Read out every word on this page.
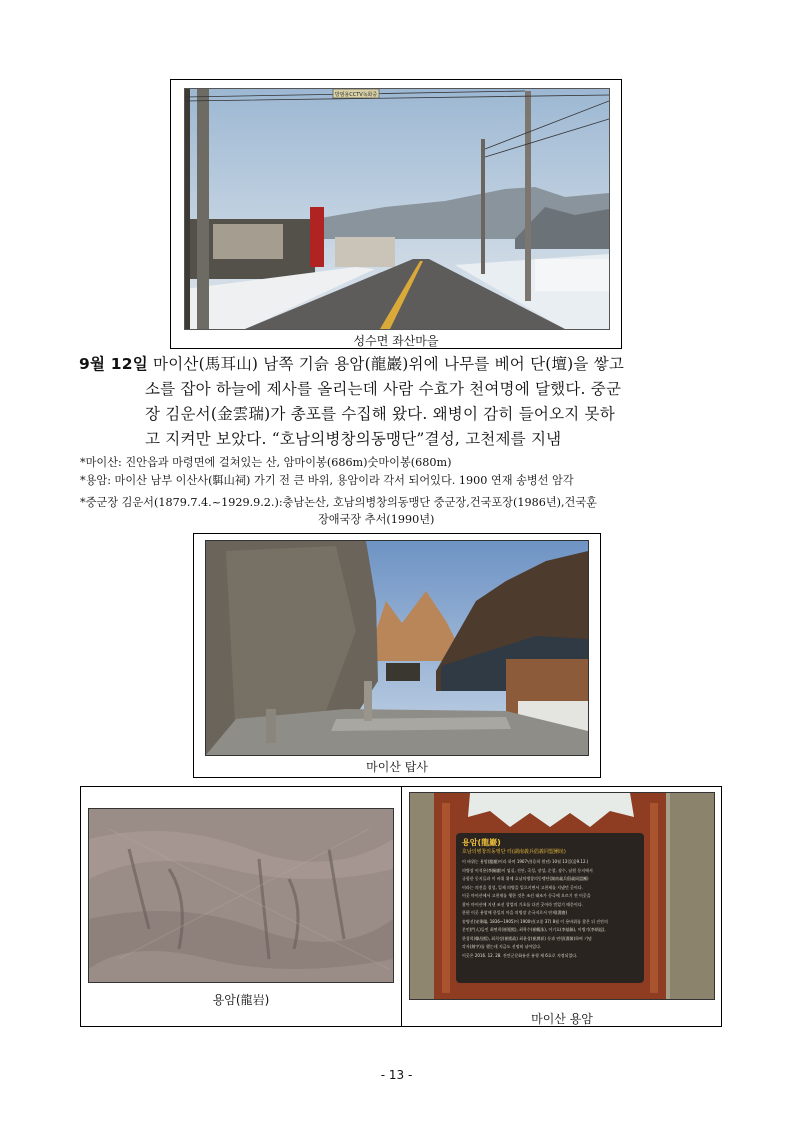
방범용CCTV녹화중
성수면 좌산마을
9월 12일 마이산(馬耳山) 남쪽 기슭 용암(龍巖)위에 나무를 베어 단(壇)을 쌓고
소를 잡아 하늘에 제사를 올리는데 사람 수효가 천여명에 달했다. 중군
장 김운서(金雲瑞)가 총포를 수집해 왔다. 왜병이 감히 들어오지 못하
고 지켜만 보았다. “호남의병창의동맹단”결성, 고천제를 지냄
*마이산: 진안읍과 마령면에 걸쳐있는 산, 암마이봉(686m)숫마이봉(680m)
*용암: 마이산 남부 이산사(駬山祠) 가기 전 큰 바위, 용암이라 각서 되어있다. 1900 연재 송병선 암각
*중군장 김운서(1879.7.4.~1929.9.2.):충남논산, 호남의병창의동맹단 중군장,건국포장(1986년),건국훈
장애국장 추서(1990년)
마이산 탑사
용암(龍岩)
용암(龍巖)
호남의병창의동맹단 터(湖南義兵倡義同盟團址)
이 바위는 용암(龍巖)이라 하며 1907년(융희 원년) 10월 13일(음9.12.)
의병장 이석용(李錫庸)이 임실, 진안, 곡성, 장성, 순창, 장수, 남원 등지에서
규합한 동지들과 이 바위 위에 호남의병창의동맹단(湖南義兵倡義同盟團)
이라는 의진을 결성, 일제 의병을 일으키면서 고천제를 지냈던 곳이다.
이곳 마이산에서 고천제를 행한 것은 조선 태조가 등극에 오르기 전 이곳을
찾아 마이산에 지낸 조선 창업의 기초를 다진 곳이라 믿었기 때문이다.
한편 이곳 용암에 한일의 마을 의병장 순국지로서 연재(淵齋)
송병선(宋秉璿, 1836~1905)이 1900년(고종 37) 8월 이 용바위를 찾은 뒤 진안의
문인(門人)들인 최면희(崔冕熙), 최학수(崔鶴洙), 이기호(李基鎬), 이병기(李炳起),
한창희(韓昌熙), 최희정(崔熙政) 최윤상(崔潤祥) 등과 연령(淵嶺)하여 기념
각자(刻字)를 했는데 지금도 선명히 남아있다.
이곳은 2016. 12. 28. 진안군문화유산 유형 제 6호로 지정되었다.
마이산 용암
- 13 -
